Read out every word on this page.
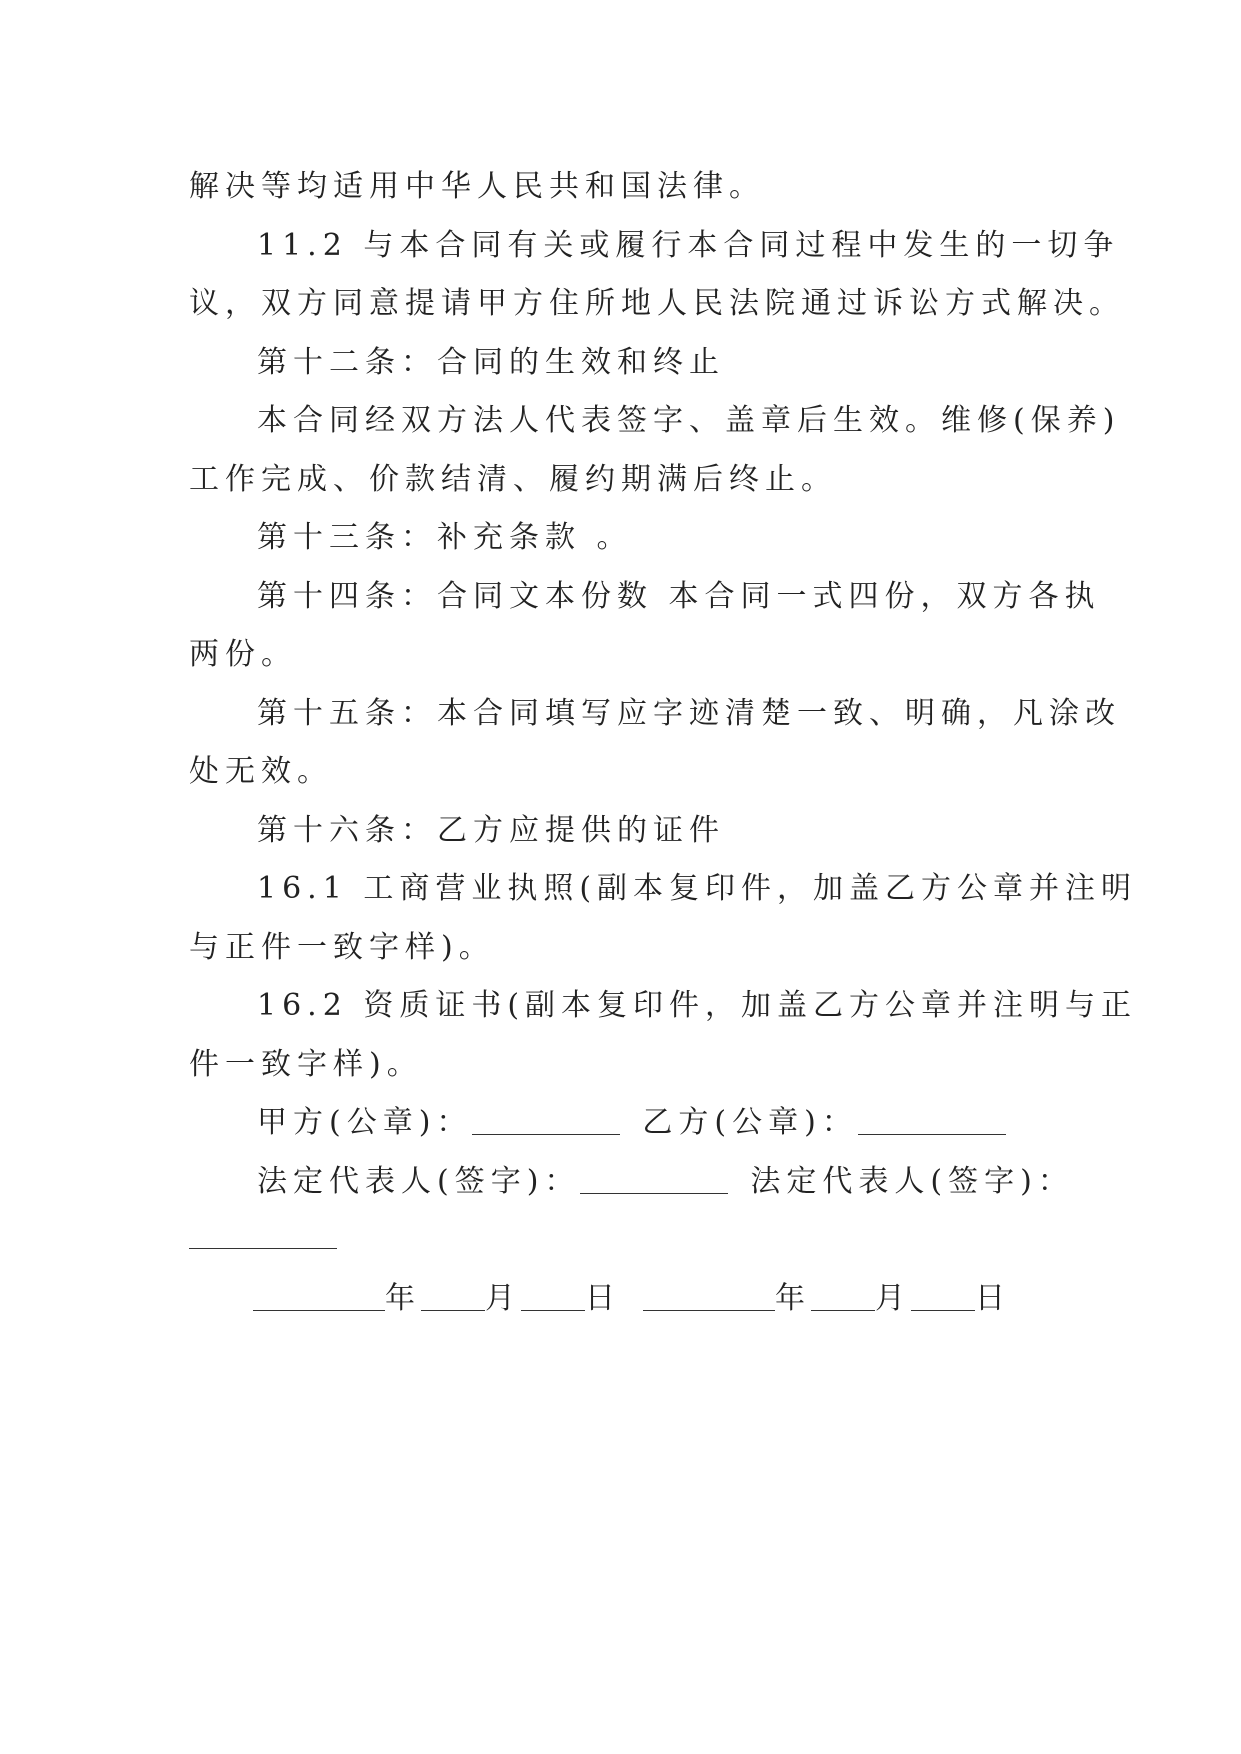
解决等均适用中华人民共和国法律。
11.2 与本合同有关或履行本合同过程中发生的一切争
议，双方同意提请甲方住所地人民法院通过诉讼方式解决。
第十二条：合同的生效和终止
本合同经双方法人代表签字、盖章后生效。维修(保养)
工作完成、价款结清、履约期满后终止。
第十三条：补充条款 。
第十四条：合同文本份数 本合同一式四份，双方各执
两份。
第十五条：本合同填写应字迹清楚一致、明确，凡涂改
处无效。
第十六条：乙方应提供的证件
16.1 工商营业执照(副本复印件，加盖乙方公章并注明
与正件一致字样)。
16.2 资质证书(副本复印件，加盖乙方公章并注明与正
件一致字样)。
甲方(公章)：	乙方(公章)：
法定代表人(签字)：	法定代表人(签字)：
年 月 日	年 月 日
